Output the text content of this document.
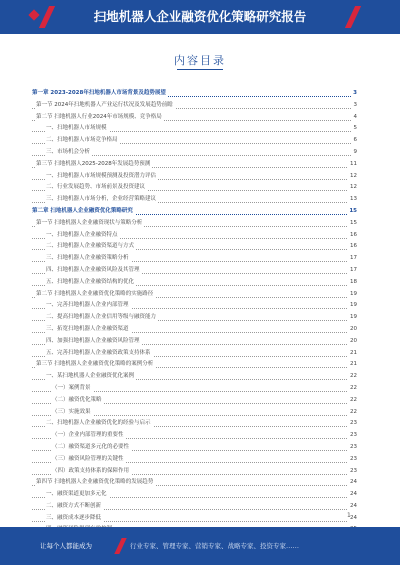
扫地机器人企业融资优化策略研究报告
内容目录
第一章 2023-2028年扫地机器人市场背景及趋势展望	3
第一节 2024年扫地机器人产业运行状况及发展趋势前瞻	3
第二节 扫地机器人行业2024年市场规模、竞争格局	4
一、扫地机器人市场规模	5
二、扫地机器人市场竞争格局	6
三、市场机会分析	9
第三节 扫地机器人2025-2028年发展趋势预测	11
一、扫地机器人市场规模预测及投资潜力评估	12
二、行业发展趋势、市场前景及投资建议	12
三、扫地机器人市场分析，企业经营策略建议	13
第二章 扫地机器人企业融资优化策略研究	15
第一节 扫地机器人企业融资现状与策略分析	15
一、扫地机器人企业融资特点	16
二、扫地机器人企业融资渠道与方式	16
三、扫地机器人企业融资策略分析	17
四、扫地机器人企业融资风险及其管理	17
五、扫地机器人企业融资结构的优化	18
第二节 扫地机器人企业融资优化策略的实施路径	19
一、完善扫地机器人企业内部管理	19
二、提高扫地机器人企业信用等级与融资能力	19
三、拓宽扫地机器人企业融资渠道	20
四、加强扫地机器人企业融资风险管理	20
五、完善扫地机器人企业融资政策支持体系	21
第三节 扫地机器人企业融资优化策略的案例分析	21
一、某扫地机器人企业融资优化案例	22
（一）案例背景	22
（二）融资优化策略	22
（三）实施效果	22
二、扫地机器人企业融资优化的经验与启示	23
（一）企业内部管理的重要性	23
（二）融资渠道多元化的必要性	23
（三）融资风险管理的关键性	23
（四）政策支持体系的保障作用	23
第四节 扫地机器人企业融资优化策略的发展趋势	24
一、融资渠道更加多元化	24
二、融资方式不断创新	24
三、融资成本逐步降低	24
1
让每个人都能成为	行业专家、管理专家、营销专家、战略专家、投资专家……
